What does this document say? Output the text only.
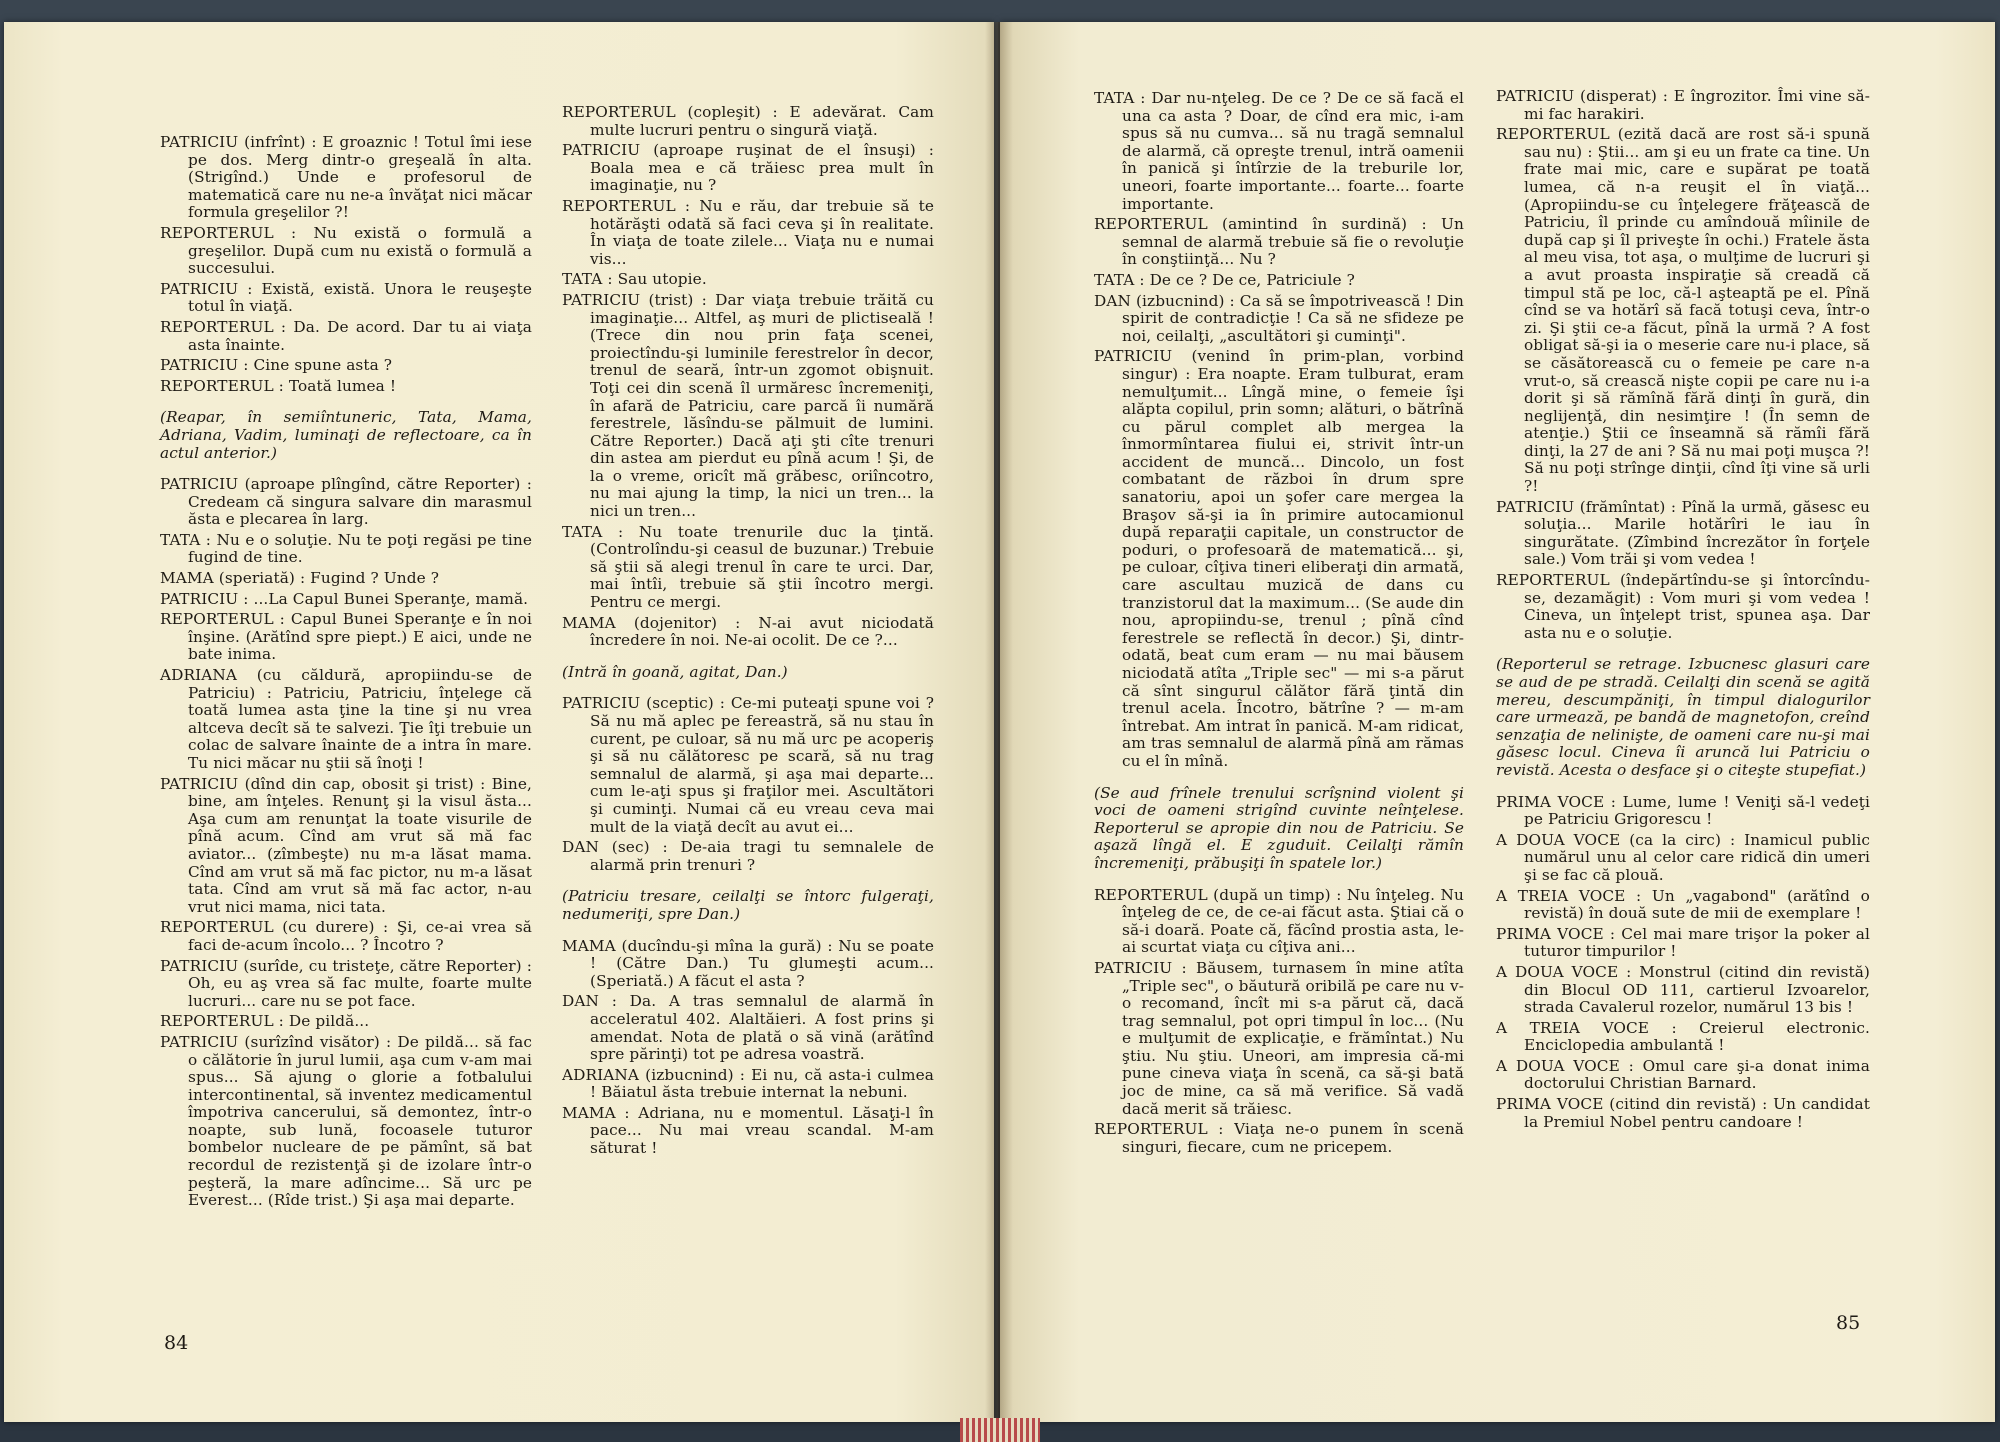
PATRICIU (infrînt) : E groaznic ! Totul îmi iese pe dos. Merg dintr-o greşeală în alta. (Strigînd.) Unde e profesorul de matematică care nu ne-a învăţat nici măcar formula greşelilor ?!

REPORTERUL : Nu există o formulă a greşelilor. După cum nu există o formulă a succesului.

PATRICIU : Există, există. Unora le reuşeşte totul în viaţă.

REPORTERUL : Da. De acord. Dar tu ai viaţa asta înainte.

PATRICIU : Cine spune asta ?

REPORTERUL : Toată lumea !

(Reapar, în semiîntuneric, Tata, Mama, Adriana, Vadim, luminaţi de reflectoare, ca în actul anterior.)

PATRICIU (aproape plîngînd, către Reporter) : Credeam că singura salvare din marasmul ăsta e plecarea în larg.

TATA : Nu e o soluţie. Nu te poţi regăsi pe tine fugind de tine.

MAMA (speriată) : Fugind ? Unde ?

PATRICIU : ...La Capul Bunei Speranţe, mamă.

REPORTERUL : Capul Bunei Speranţe e în noi înşine. (Arătînd spre piept.) E aici, unde ne bate inima.

ADRIANA (cu căldură, apropiindu-se de Patriciu) : Patriciu, Patriciu, înţelege că toată lumea asta ţine la tine şi nu vrea altceva decît să te salvezi. Ţie îţi trebuie un colac de salvare înainte de a intra în mare. Tu nici măcar nu ştii să înoţi !

PATRICIU (dînd din cap, obosit şi trist) : Bine, bine, am înţeles. Renunţ şi la visul ăsta... Aşa cum am renunţat la toate visurile de pînă acum. Cînd am vrut să mă fac aviator... (zîmbeşte) nu m-a lăsat mama. Cînd am vrut să mă fac pictor, nu m-a lăsat tata. Cînd am vrut să mă fac actor, n-au vrut nici mama, nici tata.

REPORTERUL (cu durere) : Şi, ce-ai vrea să faci de-acum încolo... ? Încotro ?

PATRICIU (surîde, cu tristeţe, către Reporter) : Oh, eu aş vrea să fac multe, foarte multe lucruri... care nu se pot face.

REPORTERUL : De pildă...

PATRICIU (surîzînd visător) : De pildă... să fac o călătorie în jurul lumii, aşa cum v-am mai spus... Să ajung o glorie a fotbalului intercontinental, să inventez medicamentul împotriva cancerului, să demontez, într-o noapte, sub lună, focoasele tuturor bombelor nucleare de pe pămînt, să bat recordul de rezistenţă şi de izolare într-o peşteră, la mare adîncime... Să urc pe Everest... (Rîde trist.) Şi aşa mai departe.

REPORTERUL (copleşit) : E adevărat. Cam multe lucruri pentru o singură viaţă.

PATRICIU (aproape ruşinat de el însuşi) : Boala mea e că trăiesc prea mult în imaginaţie, nu ?

REPORTERUL : Nu e rău, dar trebuie să te hotărăşti odată să faci ceva şi în realitate. În viaţa de toate zilele... Viaţa nu e numai vis...

TATA : Sau utopie.

PATRICIU (trist) : Dar viaţa trebuie trăită cu imaginaţie... Altfel, aş muri de plictiseală ! (Trece din nou prin faţa scenei, proiectîndu-şi luminile ferestrelor în decor, trenul de seară, într-un zgomot obişnuit. Toţi cei din scenă îl urmăresc încremeniţi, în afară de Patriciu, care parcă îi numără ferestrele, lăsîndu-se pălmuit de lumini. Către Reporter.) Dacă aţi şti cîte trenuri din astea am pierdut eu pînă acum ! Şi, de la o vreme, oricît mă grăbesc, oriîncotro, nu mai ajung la timp, la nici un tren... la nici un tren...

TATA : Nu toate trenurile duc la ţintă. (Controlîndu-şi ceasul de buzunar.) Trebuie să ştii să alegi trenul în care te urci. Dar, mai întîi, trebuie să ştii încotro mergi. Pentru ce mergi.

MAMA (dojenitor) : N-ai avut niciodată încredere în noi. Ne-ai ocolit. De ce ?...

(Intră în goană, agitat, Dan.)

PATRICIU (sceptic) : Ce-mi puteaţi spune voi ? Să nu mă aplec pe fereastră, să nu stau în curent, pe culoar, să nu mă urc pe acoperiş şi să nu călătoresc pe scară, să nu trag semnalul de alarmă, şi aşa mai departe... cum le-aţi spus şi fraţilor mei. Ascultători şi cuminţi. Numai că eu vreau ceva mai mult de la viaţă decît au avut ei...

DAN (sec) : De-aia tragi tu semnalele de alarmă prin trenuri ?

(Patriciu tresare, ceilalţi se întorc fulgeraţi, nedumeriţi, spre Dan.)

MAMA (ducîndu-şi mîna la gură) : Nu se poate ! (Către Dan.) Tu glumeşti acum... (Speriată.) A făcut el asta ?

DAN : Da. A tras semnalul de alarmă în acceleratul 402. Alaltăieri. A fost prins şi amendat. Nota de plată o să vină (arătînd spre părinţi) tot pe adresa voastră.

ADRIANA (izbucnind) : Ei nu, că asta-i culmea ! Băiatul ăsta trebuie internat la nebuni.

MAMA : Adriana, nu e momentul. Lăsaţi-l în pace... Nu mai vreau scandal. M-am săturat !

84

TATA : Dar nu-nţeleg. De ce ? De ce să facă el una ca asta ? Doar, de cînd era mic, i-am spus să nu cumva... să nu tragă semnalul de alarmă, că opreşte trenul, intră oamenii în panică şi întîrzie de la treburile lor, uneori, foarte importante... foarte... foarte importante.

REPORTERUL (amintind în surdină) : Un semnal de alarmă trebuie să fie o revoluţie în conştiinţă... Nu ?

TATA : De ce ? De ce, Patriciule ?

DAN (izbucnind) : Ca să se împotrivească ! Din spirit de contradicţie ! Ca să ne sfideze pe noi, ceilalţi, „ascultători şi cuminţi".

PATRICIU (venind în prim-plan, vorbind singur) : Era noapte. Eram tulburat, eram nemulţumit... Lîngă mine, o femeie îşi alăpta copilul, prin somn; alături, o bătrînă cu părul complet alb mergea la înmormîntarea fiului ei, strivit într-un accident de muncă... Dincolo, un fost combatant de război în drum spre sanatoriu, apoi un şofer care mergea la Braşov să-şi ia în primire autocamionul după reparaţii capitale, un constructor de poduri, o profesoară de matematică... şi, pe culoar, cîţiva tineri eliberaţi din armată, care ascultau muzică de dans cu tranzistorul dat la maximum... (Se aude din nou, apropiindu-se, trenul ; pînă cînd ferestrele se reflectă în decor.) Şi, dintr-odată, beat cum eram — nu mai băusem niciodată atîta „Triple sec" — mi s-a părut că sînt singurul călător fără ţintă din trenul acela. Încotro, bătrîne ? — m-am întrebat. Am intrat în panică. M-am ridicat, am tras semnalul de alarmă pînă am rămas cu el în mînă.

(Se aud frînele trenului scrîşnind violent şi voci de oameni strigînd cuvinte neînţelese. Reporterul se apropie din nou de Patriciu. Se aşază lîngă el. E zguduit. Ceilalţi rămîn încremeniţi, prăbuşiţi în spatele lor.)

REPORTERUL (după un timp) : Nu înţeleg. Nu înţeleg de ce, de ce-ai făcut asta. Ştiai că o să-i doară. Poate că, făcînd prostia asta, le-ai scurtat viaţa cu cîţiva ani...

PATRICIU : Băusem, turnasem în mine atîta „Triple sec", o băutură oribilă pe care nu v-o recomand, încît mi s-a părut că, dacă trag semnalul, pot opri timpul în loc... (Nu e mulţumit de explicaţie, e frămîntat.) Nu ştiu. Nu ştiu. Uneori, am impresia că-mi pune cineva viaţa în scenă, ca să-şi bată joc de mine, ca să mă verifice. Să vadă dacă merit să trăiesc.

REPORTERUL : Viaţa ne-o punem în scenă singuri, fiecare, cum ne pricepem.

PATRICIU (disperat) : E îngrozitor. Îmi vine să-mi fac harakiri.

REPORTERUL (ezită dacă are rost să-i spună sau nu) : Ştii... am şi eu un frate ca tine. Un frate mai mic, care e supărat pe toată lumea, că n-a reuşit el în viaţă... (Apropiindu-se cu înţelegere frăţească de Patriciu, îl prinde cu amîndouă mîinile de după cap şi îl priveşte în ochi.) Fratele ăsta al meu visa, tot aşa, o mulţime de lucruri şi a avut proasta inspiraţie să creadă că timpul stă pe loc, că-l aşteaptă pe el. Pînă cînd se va hotărî să facă totuşi ceva, într-o zi. Şi ştii ce-a făcut, pînă la urmă ? A fost obligat să-şi ia o meserie care nu-i place, să se căsătorească cu o femeie pe care n-a vrut-o, să crească nişte copii pe care nu i-a dorit şi să rămînă fără dinţi în gură, din neglijenţă, din nesimţire ! (În semn de atenţie.) Ştii ce înseamnă să rămîi fără dinţi, la 27 de ani ? Să nu mai poţi muşca ?! Să nu poţi strînge dinţii, cînd îţi vine să urli ?!

PATRICIU (frămîntat) : Pînă la urmă, găsesc eu soluţia... Marile hotărîri le iau în singurătate. (Zîmbind încrezător în forţele sale.) Vom trăi şi vom vedea !

REPORTERUL (îndepărtîndu-se şi întorcîndu-se, dezamăgit) : Vom muri şi vom vedea ! Cineva, un înţelept trist, spunea aşa. Dar asta nu e o soluţie.

(Reporterul se retrage. Izbucnesc glasuri care se aud de pe stradă. Ceilalţi din scenă se agită mereu, descumpăniţi, în timpul dialogurilor care urmează, pe bandă de magnetofon, creînd senzaţia de nelinişte, de oameni care nu-şi mai găsesc locul. Cineva îi aruncă lui Patriciu o revistă. Acesta o desface şi o citeşte stupefiat.)

PRIMA VOCE : Lume, lume ! Veniţi să-l vedeţi pe Patriciu Grigorescu !

A DOUA VOCE (ca la circ) : Inamicul public numărul unu al celor care ridică din umeri şi se fac că plouă.

A TREIA VOCE : Un „vagabond" (arătînd o revistă) în două sute de mii de exemplare !

PRIMA VOCE : Cel mai mare trişor la poker al tuturor timpurilor !

A DOUA VOCE : Monstrul (citind din revistă) din Blocul OD 111, cartierul Izvoarelor, strada Cavalerul rozelor, numărul 13 bis !

A TREIA VOCE : Creierul electronic. Enciclopedia ambulantă !

A DOUA VOCE : Omul care şi-a donat inima doctorului Christian Barnard.

PRIMA VOCE (citind din revistă) : Un candidat la Premiul Nobel pentru candoare !

85
